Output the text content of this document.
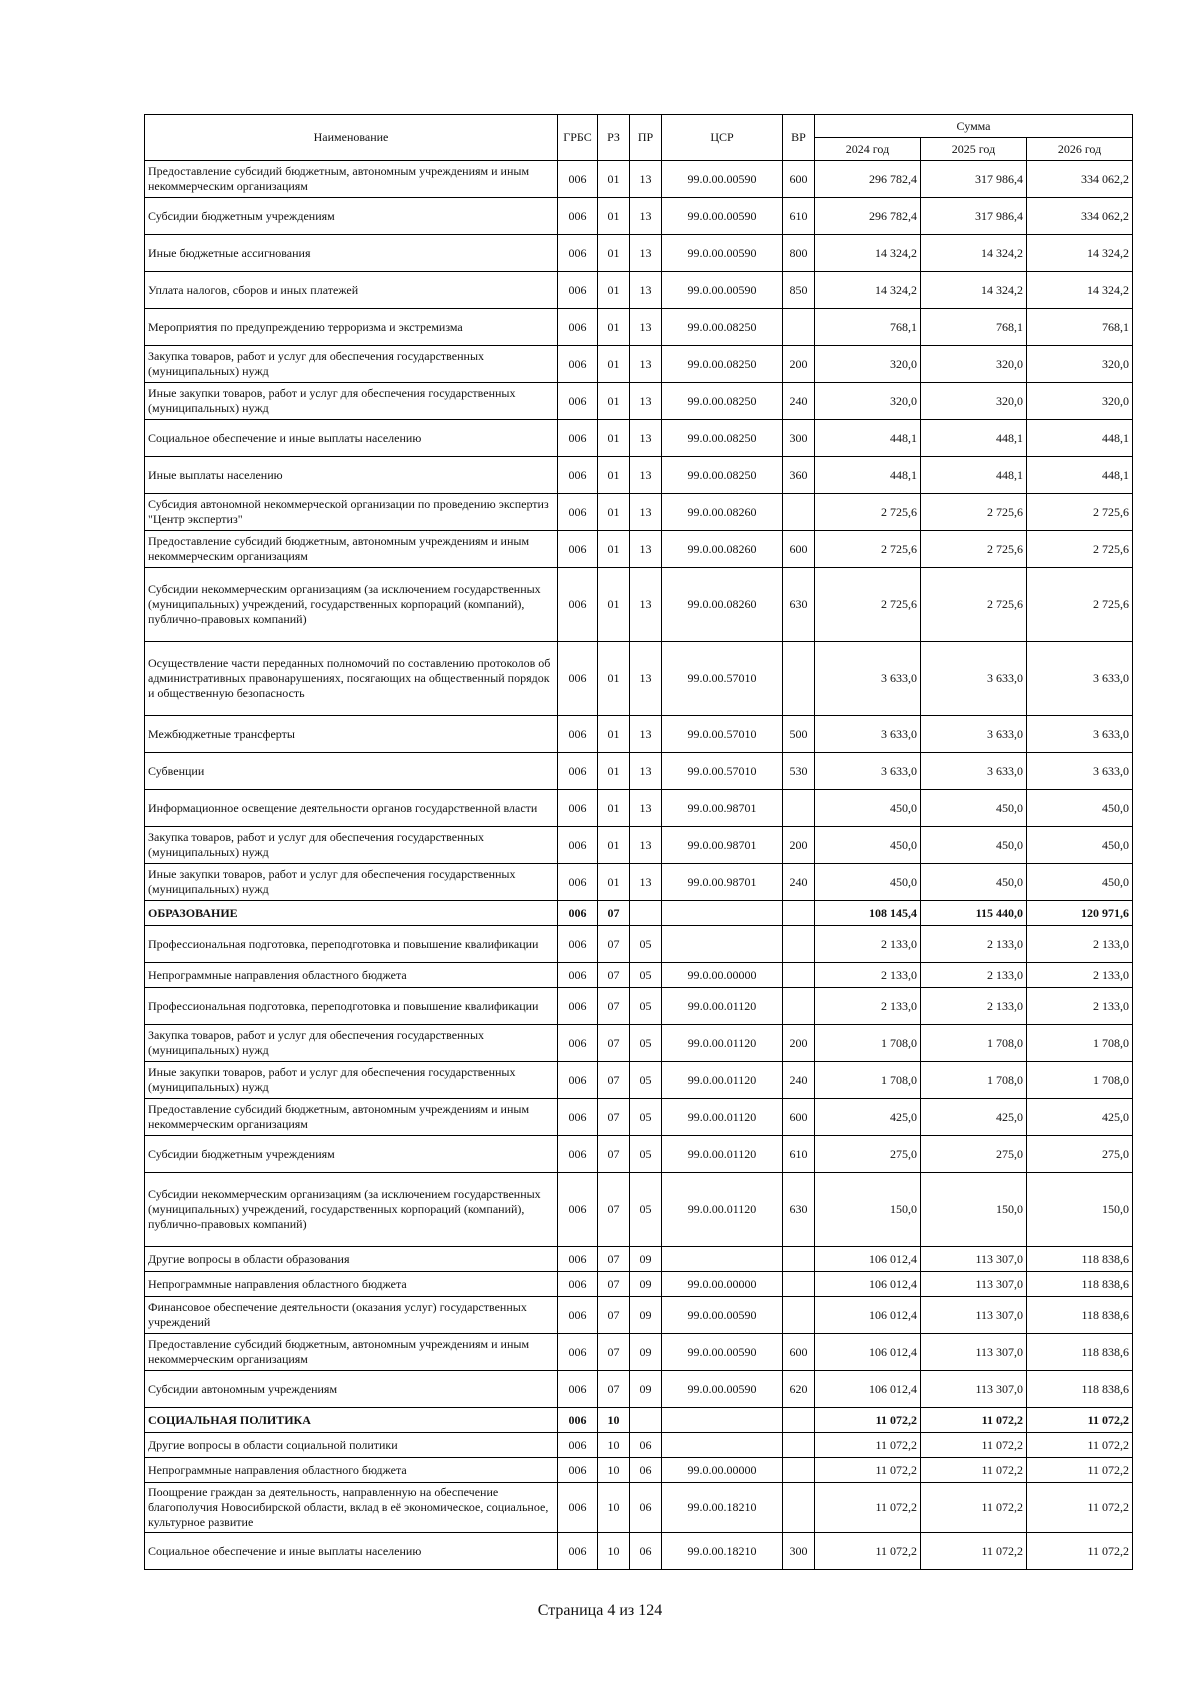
Наименование	ГРБС	РЗ	ПР	ЦСР	ВР	Сумма		
						2024 год	2025 год	2026 год
Предоставление субсидий бюджетным, автономным учреждениям и иным некоммерческим организациям	006	01	13	99.0.00.00590	600	296 782,4	317 986,4	334 062,2
Субсидии бюджетным учреждениям	006	01	13	99.0.00.00590	610	296 782,4	317 986,4	334 062,2
Иные бюджетные ассигнования	006	01	13	99.0.00.00590	800	14 324,2	14 324,2	14 324,2
Уплата налогов, сборов и иных платежей	006	01	13	99.0.00.00590	850	14 324,2	14 324,2	14 324,2
Мероприятия по предупреждению терроризма и экстремизма	006	01	13	99.0.00.08250		768,1	768,1	768,1
Закупка товаров, работ и услуг для обеспечения государственных (муниципальных) нужд	006	01	13	99.0.00.08250	200	320,0	320,0	320,0
Иные закупки товаров, работ и услуг для обеспечения государственных (муниципальных) нужд	006	01	13	99.0.00.08250	240	320,0	320,0	320,0
Социальное обеспечение и иные выплаты населению	006	01	13	99.0.00.08250	300	448,1	448,1	448,1
Иные выплаты населению	006	01	13	99.0.00.08250	360	448,1	448,1	448,1
Субсидия автономной некоммерческой организации по проведению экспертиз "Центр экспертиз"	006	01	13	99.0.00.08260		2 725,6	2 725,6	2 725,6
Предоставление субсидий бюджетным, автономным учреждениям и иным некоммерческим организациям	006	01	13	99.0.00.08260	600	2 725,6	2 725,6	2 725,6
Субсидии некоммерческим организациям (за исключением государственных (муниципальных) учреждений, государственных корпораций (компаний), публично-правовых компаний)	006	01	13	99.0.00.08260	630	2 725,6	2 725,6	2 725,6
Осуществление части переданных полномочий по составлению протоколов об административных правонарушениях, посягающих на общественный порядок и общественную безопасность	006	01	13	99.0.00.57010		3 633,0	3 633,0	3 633,0
Межбюджетные трансферты	006	01	13	99.0.00.57010	500	3 633,0	3 633,0	3 633,0
Субвенции	006	01	13	99.0.00.57010	530	3 633,0	3 633,0	3 633,0
Информационное освещение деятельности органов государственной власти	006	01	13	99.0.00.98701		450,0	450,0	450,0
Закупка товаров, работ и услуг для обеспечения государственных (муниципальных) нужд	006	01	13	99.0.00.98701	200	450,0	450,0	450,0
Иные закупки товаров, работ и услуг для обеспечения государственных (муниципальных) нужд	006	01	13	99.0.00.98701	240	450,0	450,0	450,0
ОБРАЗОВАНИЕ	006	07				108 145,4	115 440,0	120 971,6
Профессиональная подготовка, переподготовка и повышение квалификации	006	07	05			2 133,0	2 133,0	2 133,0
Непрограммные направления областного бюджета	006	07	05	99.0.00.00000		2 133,0	2 133,0	2 133,0
Профессиональная подготовка, переподготовка и повышение квалификации	006	07	05	99.0.00.01120		2 133,0	2 133,0	2 133,0
Закупка товаров, работ и услуг для обеспечения государственных (муниципальных) нужд	006	07	05	99.0.00.01120	200	1 708,0	1 708,0	1 708,0
Иные закупки товаров, работ и услуг для обеспечения государственных (муниципальных) нужд	006	07	05	99.0.00.01120	240	1 708,0	1 708,0	1 708,0
Предоставление субсидий бюджетным, автономным учреждениям и иным некоммерческим организациям	006	07	05	99.0.00.01120	600	425,0	425,0	425,0
Субсидии бюджетным учреждениям	006	07	05	99.0.00.01120	610	275,0	275,0	275,0
Субсидии некоммерческим организациям (за исключением государственных (муниципальных) учреждений, государственных корпораций (компаний), публично-правовых компаний)	006	07	05	99.0.00.01120	630	150,0	150,0	150,0
Другие вопросы в области образования	006	07	09			106 012,4	113 307,0	118 838,6
Непрограммные направления областного бюджета	006	07	09	99.0.00.00000		106 012,4	113 307,0	118 838,6
Финансовое обеспечение деятельности (оказания услуг) государственных учреждений	006	07	09	99.0.00.00590		106 012,4	113 307,0	118 838,6
Предоставление субсидий бюджетным, автономным учреждениям и иным некоммерческим организациям	006	07	09	99.0.00.00590	600	106 012,4	113 307,0	118 838,6
Субсидии автономным учреждениям	006	07	09	99.0.00.00590	620	106 012,4	113 307,0	118 838,6
СОЦИАЛЬНАЯ ПОЛИТИКА	006	10				11 072,2	11 072,2	11 072,2
Другие вопросы в области социальной политики	006	10	06			11 072,2	11 072,2	11 072,2
Непрограммные направления областного бюджета	006	10	06	99.0.00.00000		11 072,2	11 072,2	11 072,2
Поощрение граждан за деятельность, направленную на обеспечение благополучия Новосибирской области, вклад в её экономическое, социальное, культурное развитие	006	10	06	99.0.00.18210		11 072,2	11 072,2	11 072,2
Социальное обеспечение и иные выплаты населению	006	10	06	99.0.00.18210	300	11 072,2	11 072,2	11 072,2
Страница 4 из 124
